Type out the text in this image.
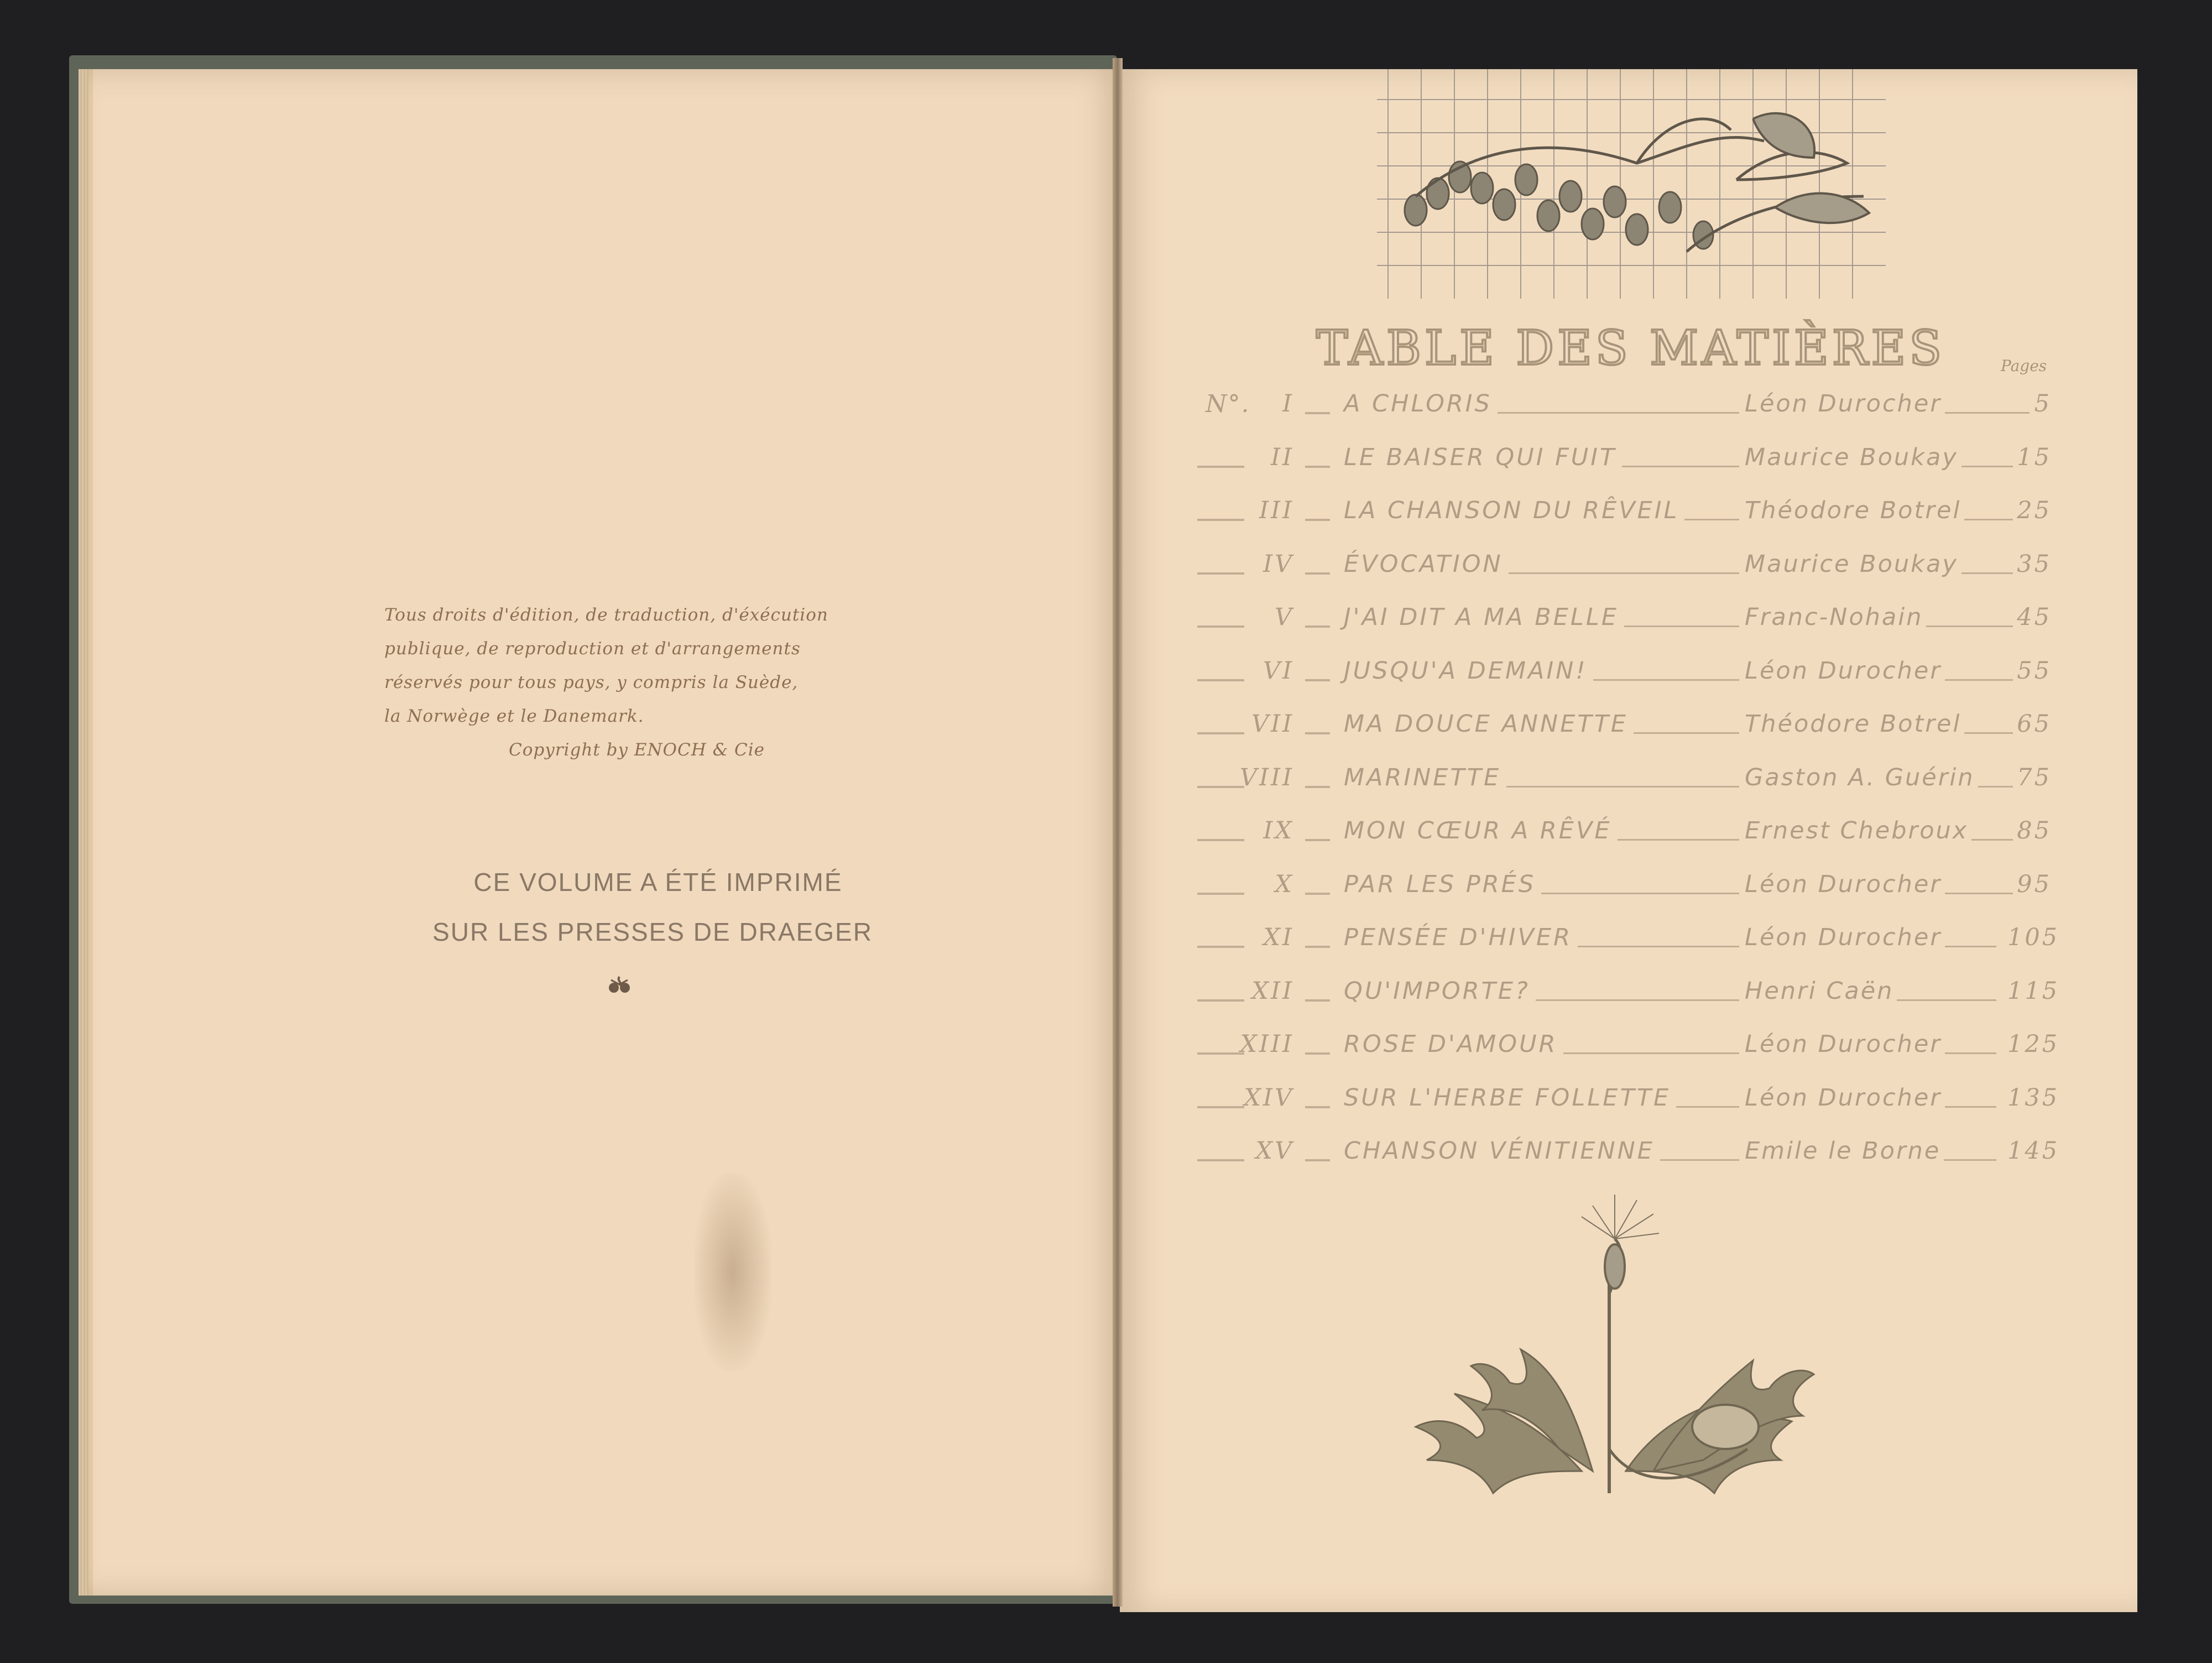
Tous droits d'édition, de traduction, d'éxécution
publique, de reproduction et d'arrangements
réservés pour tous pays, y compris la Suède,
la Norwège et le Danemark.
Copyright by ENOCH & Cie
CE VOLUME A ÉTÉ IMPRIMÉ
SUR LES PRESSES DE DRAEGER
TABLE DES MATIÈRES	Pages
N°.	I A CHLORIS	Léon Durocher	5
II LE BAISER QUI FUIT	Maurice Boukay	15
III LA CHANSON DU RÊVEIL	Théodore Botrel	25
IV ÉVOCATION	Maurice Boukay	35
V J'AI DIT A MA BELLE	Franc-Nohain	45
VI JUSQU'A DEMAIN!	Léon Durocher	55
VII MA DOUCE ANNETTE	Théodore Botrel	65
VIII MARINETTE	Gaston A. Guérin	75
IX MON CŒUR A RÊVÉ	Ernest Chebroux	85
X PAR LES PRÉS	Léon Durocher	95
XI PENSÉE D'HIVER	Léon Durocher	105
XII QU'IMPORTE?	Henri Caën	115
XIII ROSE D'AMOUR	Léon Durocher	125
XIV SUR L'HERBE FOLLETTE	Léon Durocher	135
XV CHANSON VÉNITIENNE	Emile le Borne	145
